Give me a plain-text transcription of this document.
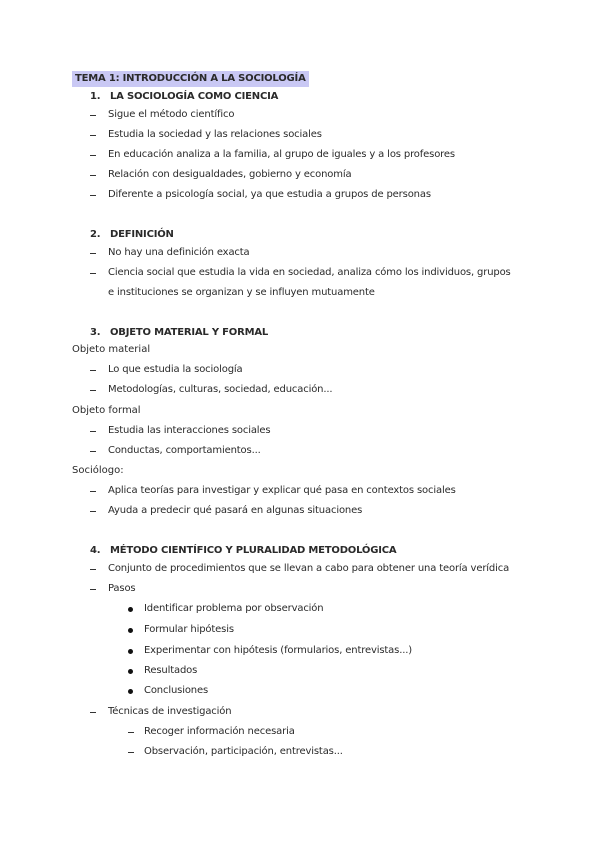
TEMA 1: INTRODUCCIÓN A LA SOCIOLOGÍA
1. LA SOCIOLOGÍA COMO CIENCIA
Sigue el método científico
Estudia la sociedad y las relaciones sociales
En educación analiza a la familia, al grupo de iguales y a los profesores
Relación con desigualdades, gobierno y economía
Diferente a psicología social, ya que estudia a grupos de personas
2. DEFINICIÓN
No hay una definición exacta
Ciencia social que estudia la vida en sociedad, analiza cómo los individuos, grupos
e instituciones se organizan y se influyen mutuamente
3. OBJETO MATERIAL Y FORMAL
Objeto material
Lo que estudia la sociología
Metodologías, culturas, sociedad, educación...
Objeto formal
Estudia las interacciones sociales
Conductas, comportamientos...
Sociólogo:
Aplica teorías para investigar y explicar qué pasa en contextos sociales
Ayuda a predecir qué pasará en algunas situaciones
4. MÉTODO CIENTÍFICO Y PLURALIDAD METODOLÓGICA
Conjunto de procedimientos que se llevan a cabo para obtener una teoría verídica
Pasos
Identificar problema por observación
Formular hipótesis
Experimentar con hipótesis (formularios, entrevistas...)
Resultados
Conclusiones
Técnicas de investigación
Recoger información necesaria
Observación, participación, entrevistas...
